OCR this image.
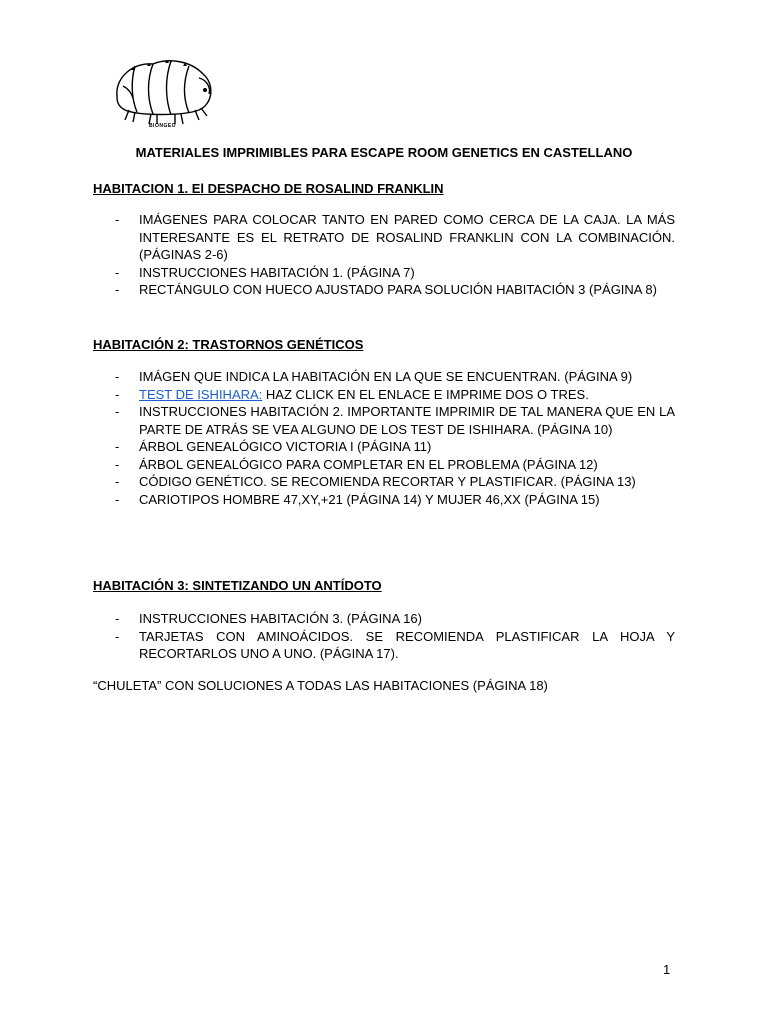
BIONGEO
MATERIALES IMPRIMIBLES PARA ESCAPE ROOM GENETICS EN CASTELLANO
HABITACION 1. El DESPACHO DE ROSALIND FRANKLIN
- IMÁGENES PARA COLOCAR TANTO EN PARED COMO CERCA DE LA CAJA. LA MÁS INTERESANTE ES EL RETRATO DE ROSALIND FRANKLIN CON LA COMBINACIÓN. (PÁGINAS 2-6)
- INSTRUCCIONES HABITACIÓN 1. (PÁGINA 7)
- RECTÁNGULO CON HUECO AJUSTADO PARA SOLUCIÓN HABITACIÓN 3 (PÁGINA 8)
HABITACIÓN 2: TRASTORNOS GENÉTICOS
- IMÁGEN QUE INDICA LA HABITACIÓN EN LA QUE SE ENCUENTRAN. (PÁGINA 9)
- TEST DE ISHIHARA: HAZ CLICK EN EL ENLACE E IMPRIME DOS O TRES.
- INSTRUCCIONES HABITACIÓN 2. IMPORTANTE IMPRIMIR DE TAL MANERA QUE EN LA PARTE DE ATRÁS SE VEA ALGUNO DE LOS TEST DE ISHIHARA. (PÁGINA 10)
- ÁRBOL GENEALÓGICO VICTORIA I (PÁGINA 11)
- ÁRBOL GENEALÓGICO PARA COMPLETAR EN EL PROBLEMA (PÁGINA 12)
- CÓDIGO GENÉTICO. SE RECOMIENDA RECORTAR Y PLASTIFICAR. (PÁGINA 13)
- CARIOTIPOS HOMBRE 47,XY,+21 (PÁGINA 14) Y MUJER 46,XX (PÁGINA 15)
HABITACIÓN 3: SINTETIZANDO UN ANTÍDOTO
- INSTRUCCIONES HABITACIÓN 3. (PÁGINA 16)
- TARJETAS CON AMINOÁCIDOS. SE RECOMIENDA PLASTIFICAR LA HOJA Y RECORTARLOS UNO A UNO. (PÁGINA 17).
“CHULETA” CON SOLUCIONES A TODAS LAS HABITACIONES (PÁGINA 18)
1
